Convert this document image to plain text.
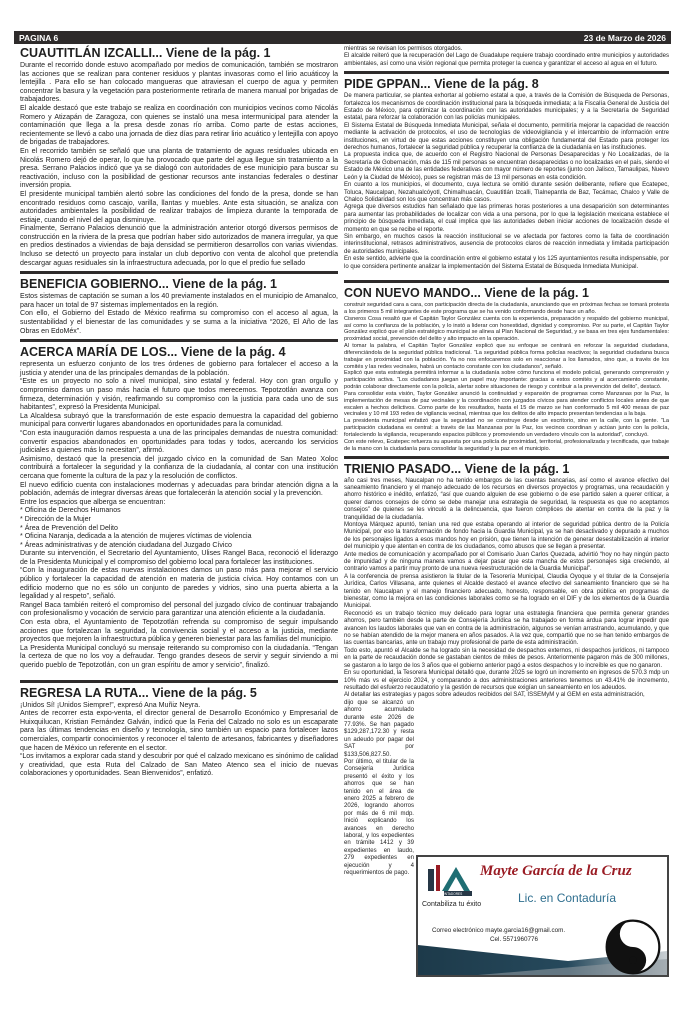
PAGINA 6	23 de Marzo de 2026
CUAUTITLÁN IZCALLI... Viene de la pág. 1

Durante el recorrido donde estuvo acompañado por medios de comunicación, también se mostraron las acciones que se realizan para contener residuos y plantas invasoras como el lirio acuáticoy la lentejilla . Para ello se han colocado mangueras que atraviesan el cuerpo de agua y permiten concentrar la basura y la vegetación para posteriormente retirarla de manera manual por brigadas de trabajadores.

El alcalde destacó que este trabajo se realiza en coordinación con municipios vecinos como Nicolás Romero y Atizapán de Zaragoza, con quienes se instaló una mesa intermunicipal para atender la contaminación que llega a la presa desde zonas río arriba. Como parte de estas acciones, recientemente se llevó a cabo una jornada de diez días para retirar lirio acuático y lentejilla con apoyo de brigadas de trabajadores.

En el recorrido también se señaló que una planta de tratamiento de aguas residuales ubicada en Nicolás Romero dejó de operar, lo que ha provocado que parte del agua llegue sin tratamiento a la presa. Serrano Palacios indicó que ya se dialogó con autoridades de ese municipio para buscar su reactivación, incluso con la posibilidad de gestionar recursos ante instancias federales o destinar inversión propia.

El presidente municipal también alertó sobre las condiciones del fondo de la presa, donde se han encontrado residuos como cascajo, varilla, llantas y muebles. Ante esta situación, se analiza con autoridades ambientales la posibilidad de realizar trabajos de limpieza durante la temporada de estiaje, cuando el nivel del agua disminuye.

Finalmente, Serrano Palacios denunció que la administración anterior otorgó diversos permisos de construcción en la riviera de la presa que podrían haber sido autorizados de manera irregular, ya que en predios destinados a viviendas de baja densidad se permitieron desarrollos con varias viviendas. Incluso se detectó un proyecto para instalar un club deportivo con venta de alcohol que pretendía descargar aguas residuales sin la infraestructura adecuada, por lo que el predio fue sellado

BENEFICIA GOBIERNO... Viene de la pág. 1

Estos sistemas de captación se suman a los 40 previamente instalados en el municipio de Amanalco, para hacer un total de 97 sistemas implementados en la región.

Con ello, el Gobierno del Estado de México reafirma su compromiso con el acceso al agua, la sustentabilidad y el bienestar de las comunidades y se suma a la iniciativa “2026, El Año de las Obras en EdoMéx”.

ACERCA MARÍA DE LOS... Viene de la pág. 4

representa un esfuerzo conjunto de los tres órdenes de gobierno para fortalecer el acceso a la justicia y atender una de las principales demandas de la población.

“Este es un proyecto no solo a nivel municipal, sino estatal y federal. Hoy con gran orgullo y compromiso damos un paso más hacia el futuro que todos merecemos. Tepotzotlán avanza con firmeza, determinación y visión, reafirmando su compromiso con la justicia para cada uno de sus habitantes”, expresó la Presidenta Municipal.

La Alcaldesa subrayó que la transformación de este espacio demuestra la capacidad del gobierno municipal para convertir lugares abandonados en oportunidades para la comunidad.

“Con esta inauguración damos respuesta a una de las principales demandas de nuestra comunidad: convertir espacios abandonados en oportunidades para todas y todos, acercando los servicios judiciales a quienes más lo necesitan”, afirmó.

Asimismo, destacó que la presencia del juzgado cívico en la comunidad de San Mateo Xoloc contribuirá a fortalecer la seguridad y la confianza de la ciudadanía, al contar con una institución cercana que fomente la cultura de la paz y la resolución de conflictos.

El nuevo edificio cuenta con instalaciones modernas y adecuadas para brindar atención digna a la población, además de integrar diversas áreas que fortalecerán la atención social y la prevención.

Entre los espacios que alberga se encuentran:

* Oficina de Derechos Humanos

* Dirección de la Mujer

* Área de Prevención del Delito

* Oficina Naranja, dedicada a la atención de mujeres víctimas de violencia

* Áreas administrativas y de atención ciudadana del Juzgado Cívico

Durante su intervención, el Secretario del Ayuntamiento, Ulises Rangel Baca, reconoció el liderazgo de la Presidenta Municipal y el compromiso del gobierno local para fortalecer las instituciones.

“Con la inauguración de estas nuevas instalaciones damos un paso más para mejorar el servicio público y fortalecer la capacidad de atención en materia de justicia cívica. Hoy contamos con un edificio moderno que no es sólo un conjunto de paredes y vidrios, sino una puerta abierta a la legalidad y al respeto”, señaló.

Rangel Baca también reiteró el compromiso del personal del juzgado cívico de continuar trabajando con profesionalismo y vocación de servicio para garantizar una atención eficiente a la ciudadanía.

Con esta obra, el Ayuntamiento de Tepotzotlán refrenda su compromiso de seguir impulsando acciones que fortalezcan la seguridad, la convivencia social y el acceso a la justicia, mediante proyectos que mejoren la infraestructura pública y generen bienestar para las familias del municipio.

La Presidenta Municipal concluyó su mensaje reiterando su compromiso con la ciudadanía. “Tengan la certeza de que no los voy a defraudar. Tengo grandes deseos de servir y seguir sirviendo a mi querido pueblo de Tepotzotlán, con un gran espíritu de amor y servicio”, finalizó.

REGRESA LA RUTA... Viene de la pág. 5

¡Unidos Sí! ¡Unidos Siempre!”, expresó Ana Muñiz Neyra.

Antes de recorrer esta expo-venta, el director general de Desarrollo Económico y Empresarial de Huixquilucan, Kristian Fernández Galván, indicó que la Feria del Calzado no solo es un escaparate para las últimas tendencias en diseño y tecnología, sino también un espacio para fortalecer lazos comerciales, compartir conocimientos y reconocer el talento de artesanos, fabricantes y diseñadores que hacen de México un referente en el sector.

“Los invitamos a explorar cada stand y descubrir por qué el calzado mexicano es sinónimo de calidad y creatividad, que esta Ruta del Calzado de San Mateo Atenco sea el inicio de nuevas colaboraciones y oportunidades. Sean Bienvenidos”, enfatizó.

mientras se revisan los permisos otorgados.

El alcalde reiteró que la recuperación del Lago de Guadalupe requiere trabajo coordinado entre municipios y autoridades ambientales, así como una visión regional que permita proteger la cuenca y garantizar el acceso al agua en el futuro.

PIDE GPPAN... Viene de la pág. 8

De manera particular, se plantea exhortar al gobierno estatal a que, a través de la Comisión de Búsqueda de Personas, fortalezca los mecanismos de coordinación institucional para la búsqueda inmediata; a la Fiscalía General de Justicia del Estado de México, para optimizar la coordinación con las autoridades municipales; y a la Secretaría de Seguridad estatal, para reforzar la colaboración con las policías municipales.

El Sistema Estatal de Búsqueda Inmediata Municipal, señala el documento, permitiría mejorar la capacidad de reacción mediante la activación de protocolos, el uso de tecnologías de videovigilancia y el intercambio de información entre instituciones, en virtud de que estas acciones constituyen una obligación fundamental del Estado para proteger los derechos humanos, fortalecer la seguridad pública y recuperar la confianza de la ciudadanía en las instituciones.

La propuesta indica que, de acuerdo con el Registro Nacional de Personas Desaparecidas y No Localizadas, de la Secretaría de Gobernación, más de 115 mil personas se encuentran desaparecidas o no localizadas en el país, siendo el Estado de México una de las entidades federativas con mayor número de reportes (junto con Jalisco, Tamaulipas, Nuevo León y la Ciudad de México), pues se registran más de 13 mil personas en esta condición.

En cuanto a los municipios, el documento, cuya lectura se omitió durante sesión deliberante, refiere que Ecatepec, Toluca, Naucalpan, Nezahualcóyotl, Chimalhuacán, Cuautitlán Izcalli, Tlalnepantla de Baz, Tecámac, Chalco y Valle de Chalco Solidaridad son los que concentran más casos.

Agrega que diversos estudios han señalado que las primeras horas posteriores a una desaparición son determinantes para aumentar las probabilidades de localizar con vida a una persona, por lo que la legislación mexicana establece el principio de búsqueda inmediata, el cual implica que las autoridades deben iniciar acciones de localización desde el momento en que se recibe el reporte.

Sin embargo, en muchos casos la reacción institucional se ve afectada por factores como la falta de coordinación interinstitucional, retrasos administrativos, ausencia de protocolos claros de reacción inmediata y limitada participación de autoridades municipales.

En este sentido, advierte que la coordinación entre el gobierno estatal y los 125 ayuntamientos resulta indispensable, por lo que considera pertinente analizar la implementación del Sistema Estatal de Búsqueda Inmediata Municipal.

CON NUEVO MANDO... Viene de la pág. 1

construir seguridad cara a cara, con participación directa de la ciudadanía, anunciando que en próximas fechas se tomará protesta a los primeros 5 mil integrantes de este programa que se ha venido conformando desde hace un año.

Cisneros Cosa resaltó que el Capitán Taylor González cuenta con la experiencia, preparación y respaldo del gobierno municipal, así como la confianza de la población, y lo instó a liderar con honestidad, dignidad y compromiso. Por su parte, el Capitán Taylor González explicó que el plan estratégico municipal se alinea al Plan Nacional de Seguridad, y se basa en tres ejes fundamentales: proximidad social, prevención del delito y alto impacto en la operación.

Al tomar la palabra, el Capitán Taylor González explicó que su enfoque se centrará en reforzar la seguridad ciudadana, diferenciándola de la seguridad pública tradicional. “La seguridad pública forma policías reactivos; la seguridad ciudadana busca trabajar en proximidad con la población. Ya no nos enfocaremos solo en reaccionar a los llamados, sino que, a través de los comités y las redes vecinales, habrá un contacto constante con los ciudadanos”, señaló.

Explicó que esta estrategia permitirá informar a la ciudadanía sobre cómo funciona el modelo policial, generando comprensión y participación activa. “Los ciudadanos juegan un papel muy importante: gracias a estos comités y al acercamiento constante, podrán colaborar directamente con la policía, alertar sobre situaciones de riesgo y contribuir a la prevención del delito”, destacó.

Para consolidar esta visión, Taylor González anunció la continuidad y expansión de programas como Manzanas por la Paz, la implementación de mesas de paz vecinales y la coordinación con juzgados cívicos para atender conflictos locales antes de que escalen a hechos delictivos. Como parte de los resultados, hasta el 15 de marzo se han conformado 5 mil 400 mesas de paz vecinales y 10 mil 193 redes de vigilancia vecinal, mientras que los delitos de alto impacto presentan tendencias a la baja.

La presidenta municipal enfatizó que la seguridad no se construye desde un escritorio, sino en la calle, con la gente. “La participación ciudadana es central: a través de las Manzanas por la Paz, los vecinos coordinan y actúan junto con la policía, fortaleciendo la vigilancia, recuperando espacios públicos y promoviendo un verdadero vínculo con la autoridad”, concluyó.

Con este relevo, Ecatepec refuerza su apuesta por una policía de proximidad, territorial, profesionalizada y tecnificada, que trabaje de la mano con la ciudadanía para consolidar la seguridad y la paz en el municipio.

TRIENIO PASADO... Viene de la pág. 1

año casi tres meses, Naucalpan no ha tenido embargos de las cuentas bancarias, así como el avance efectivo del saneamiento financiero y el manejo adecuado de los recursos en diversos proyectos y programas, una recaudación y ahorro histórico e inédito, enfatizó, “así que cuando alguien de ese gobierno o de ese partido salen a querer criticar, a querer darnos consejos de cómo se debe manejar una estrategia de seguridad, la respuesta es que no aceptamos consejos” de quienes se les vinculó a la delincuencia, que fueron cómplices de atentar en contra de la paz y la tranquilidad de la ciudadanía.

Montoya Márquez apuntó, tenían una red que estaba operando al interior de seguridad pública dentro de la Policía Municipal, por eso la transformación de fondo hacia la Guardia Municipal, ya se han desactivado y depurado a muchos de los personajes ligados a esos mandos hoy en prisión, que tienen la intención de generar desestabilización al interior del municipio y que atentan en contra de los ciudadanos, como abusos que se llegan a presentar.

Ante medios de comunicación y acompañado por el Comisario Juan Carlos Quezada, advirtió “hoy no hay ningún pacto de impunidad y de ninguna manera vamos a dejar pasar que esta mancha de estos personajes siga creciendo, al contrario vamos a partir muy pronto de una nueva reestructuración de la Guardia Municipal”.

A la conferencia de prensa asistieron la titular de la Tesorería Municipal, Claudia Oyoque y el titular de la Consejería Jurídica, Carlos Villasana, ante quienes el Alcalde destacó el avance efectivo del saneamiento financiero que se ha tenido en Naucalpan y el manejo financiero adecuado, honesto, responsable, en obra pública en programas de bienestar, como la mejora en las condiciones laborales como se ha logrado en el DIF y de los elementos de la Guardia Municipal.

Reconoció es un trabajo técnico muy delicado para lograr una estrategia financiera que permita generar grandes ahorros, pero también desde la parte de Consejería Jurídica se ha trabajado en forma ardua para lograr impedir que avancen los laudos laborales que van en contra de la administración, algunos se venían arrastrando, acumulando, y que no se habían atendido de la mejor manera en años pasados. A la vez que, compartió que no se han tenido embargos de las cuentas bancarias, ante un trabajo muy profesional de parte de esta administración.

Todo esto, apuntó el Alcalde se ha logrado sin la necesidad de despachos externos, ni despachos jurídicos, ni tampoco en la parte de recaudación donde se gastaban cientos de miles de pesos. Anteriormente pagaron más de 300 millones, se gastaron a lo largo de los 3 años que el gobierno anterior pagó a estos despachos y lo increíble es que no ganaron.

En su oportunidad, la Tesorera Municipal detalló que, durante 2025 se logró un incremento en ingresos de 570.3 mdp un 10% más vs el ejercicio 2024, y comparando a dos administraciones anteriores tenemos un 43.41% de incremento, resultado del esfuerzo recaudatorio y la gestión de recursos que exigían un saneamiento en los adeudos.

Al detallar las estrategias y pagos sobre adeudos recibidos del SAT, ISSEMyM y al GEM en esta administración,

dijo que se alcanzó un ahorro acumulado durante este 2026 de 77.93%. Se han pagado $129,287,172.30 y resta un adeudo por pagar del SAT por $133,506,827.50.

Por último, el titular de la Consejería Jurídica presentó el éxito y los ahorros que se han tenido en el área de enero 2025 a febrero de 2026, logrando ahorros por más de 6 mil mdp. Inició explicando los avances en derecho laboral, y los expedientes en trámite 1412 y 39 expedientes en laudo, 279 expedientes en ejecución y 4 requerimientos de pago.

CONTADORES
Mayte García de la Cruz
Contabiliza tu éxito	Lic. en Contaduría
Correo electrónico mayte.garcia16@gmail.com.
Cel. 5571960776
